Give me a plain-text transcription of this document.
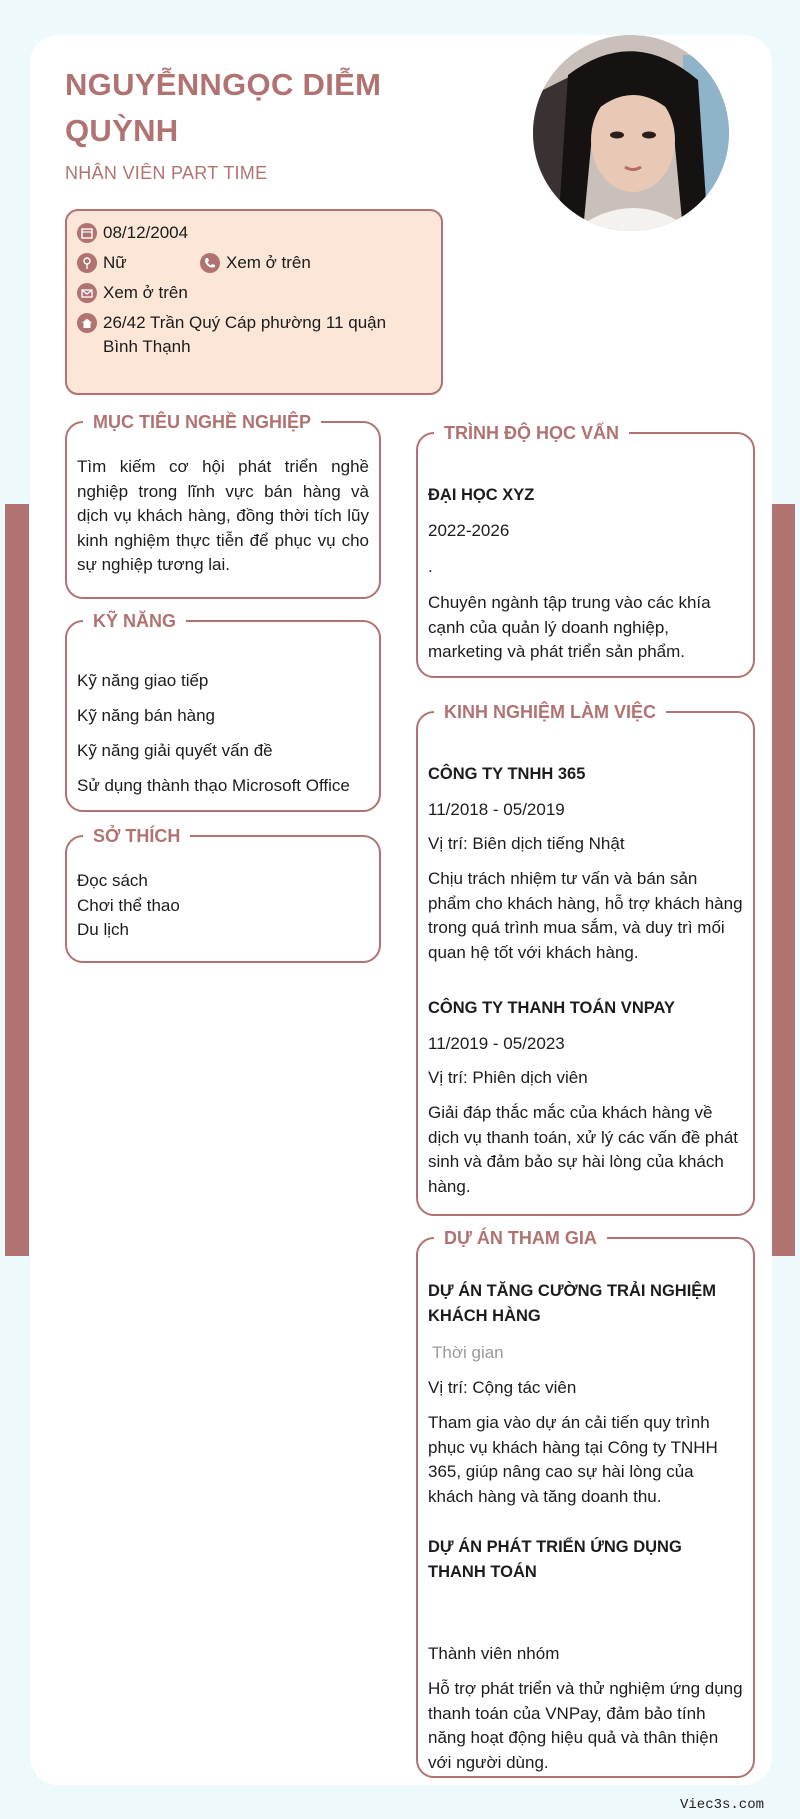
NGUYỄNNGỌC DIỄM QUỲNH
NHÂN VIÊN PART TIME
08/12/2004
Nữ	Xem ở trên
Xem ở trên
26/42 Trần Quý Cáp phường 11 quận Bình Thạnh
MỤC TIÊU NGHỀ NGHIỆP
Tìm kiếm cơ hội phát triển nghề nghiệp trong lĩnh vực bán hàng và dịch vụ khách hàng, đồng thời tích lũy kinh nghiệm thực tiễn để phục vụ cho sự nghiệp tương lai.
KỸ NĂNG
Kỹ năng giao tiếp
Kỹ năng bán hàng
Kỹ năng giải quyết vấn đề
Sử dụng thành thạo Microsoft Office
SỞ THÍCH
Đọc sách
Chơi thể thao
Du lịch
TRÌNH ĐỘ HỌC VẤN
ĐẠI HỌC XYZ
2022-2026
.
Chuyên ngành tập trung vào các khía cạnh của quản lý doanh nghiệp, marketing và phát triển sản phẩm.
KINH NGHIỆM LÀM VIỆC
CÔNG TY TNHH 365
11/2018 - 05/2019
Vị trí: Biên dịch tiếng Nhật
Chịu trách nhiệm tư vấn và bán sản phẩm cho khách hàng, hỗ trợ khách hàng trong quá trình mua sắm, và duy trì mối quan hệ tốt với khách hàng.
CÔNG TY THANH TOÁN VNPAY
11/2019 - 05/2023
Vị trí: Phiên dịch viên
Giải đáp thắc mắc của khách hàng về dịch vụ thanh toán, xử lý các vấn đề phát sinh và đảm bảo sự hài lòng của khách hàng.
DỰ ÁN THAM GIA
DỰ ÁN TĂNG CƯỜNG TRẢI NGHIỆM KHÁCH HÀNG
Thời gian
Vị trí: Cộng tác viên
Tham gia vào dự án cải tiến quy trình phục vụ khách hàng tại Công ty TNHH 365, giúp nâng cao sự hài lòng của khách hàng và tăng doanh thu.
DỰ ÁN PHÁT TRIỂN ỨNG DỤNG THANH TOÁN
Thành viên nhóm
Hỗ trợ phát triển và thử nghiệm ứng dụng thanh toán của VNPay, đảm bảo tính năng hoạt động hiệu quả và thân thiện với người dùng.
Viec3s.com
